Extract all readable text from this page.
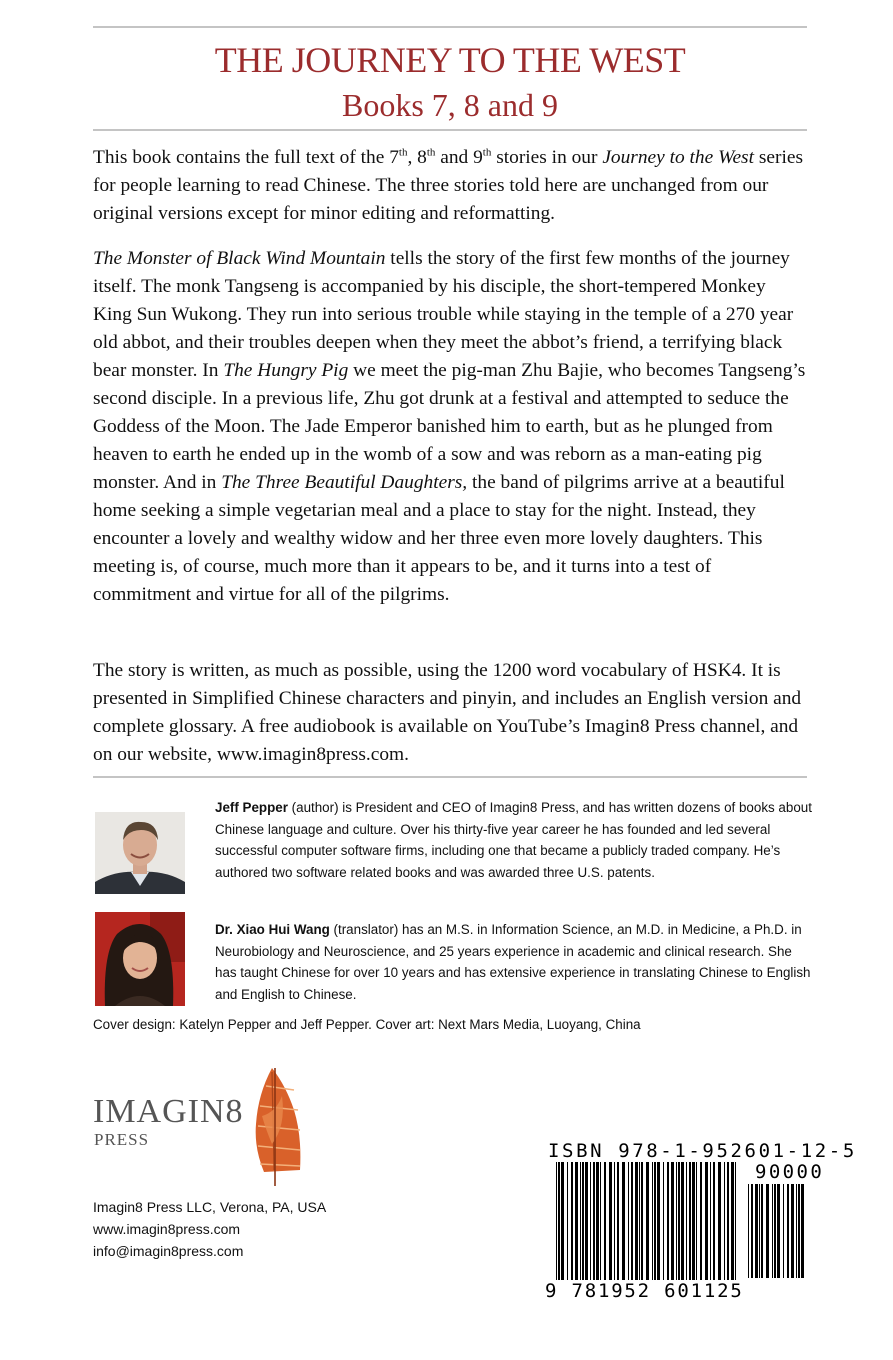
THE JOURNEY TO THE WEST
Books 7, 8 and 9

This book contains the full text of the 7th, 8th and 9th stories in our Journey to the West series for people learning to read Chinese. The three stories told here are unchanged from our original versions except for minor editing and reformatting.

The Monster of Black Wind Mountain tells the story of the first few months of the journey itself. The monk Tangseng is accompanied by his disciple, the short-tempered Monkey King Sun Wukong. They run into serious trouble while staying in the temple of a 270 year old abbot, and their troubles deepen when they meet the abbot’s friend, a terrifying black bear monster. In The Hungry Pig we meet the pig-man Zhu Bajie, who becomes Tangseng’s second disciple. In a previous life, Zhu got drunk at a festival and attempted to seduce the Goddess of the Moon. The Jade Emperor banished him to earth, but as he plunged from heaven to earth he ended up in the womb of a sow and was reborn as a man-eating pig monster. And in The Three Beautiful Daughters, the band of pilgrims arrive at a beautiful home seeking a simple vegetarian meal and a place to stay for the night. Instead, they encounter a lovely and wealthy widow and her three even more lovely daughters. This meeting is, of course, much more than it appears to be, and it turns into a test of commitment and virtue for all of the pilgrims.

The story is written, as much as possible, using the 1200 word vocabulary of HSK4. It is presented in Simplified Chinese characters and pinyin, and includes an English version and complete glossary. A free audiobook is available on YouTube’s Imagin8 Press channel, and on our website, www.imagin8press.com.

Jeff Pepper (author) is President and CEO of Imagin8 Press, and has written dozens of books about Chinese language and culture. Over his thirty-five year career he has founded and led several successful computer software firms, including one that became a publicly traded company. He’s authored two software related books and was awarded three U.S. patents.

Dr. Xiao Hui Wang (translator) has an M.S. in Information Science, an M.D. in Medicine, a Ph.D. in Neurobiology and Neuroscience, and 25 years experience in academic and clinical research. She has taught Chinese for over 10 years and has extensive experience in translating Chinese to English and English to Chinese.

Cover design: Katelyn Pepper and Jeff Pepper. Cover art: Next Mars Media, Luoyang, China
IMAGIN8
PRESS
Imagin8 Press LLC, Verona, PA, USA
www.imagin8press.com
info@imagin8press.com
ISBN 978-1-952601-12-5
90000
9 781952 601125
